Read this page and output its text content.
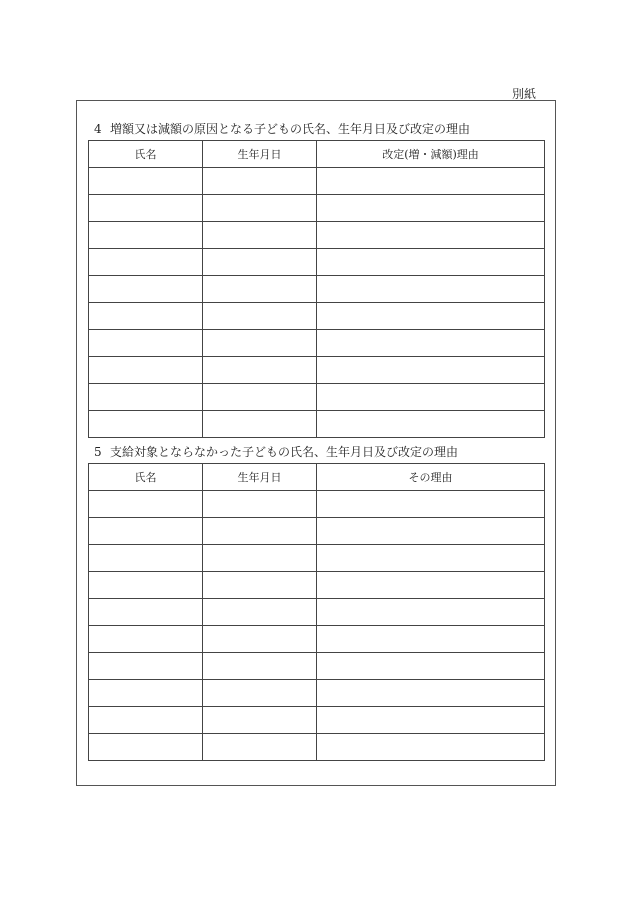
別紙
4 増額又は減額の原因となる子どもの氏名、生年月日及び改定の理由
氏名	生年月日	改定(増・減額)理由

5 支給対象とならなかった子どもの氏名、生年月日及び改定の理由
氏名	生年月日	その理由
